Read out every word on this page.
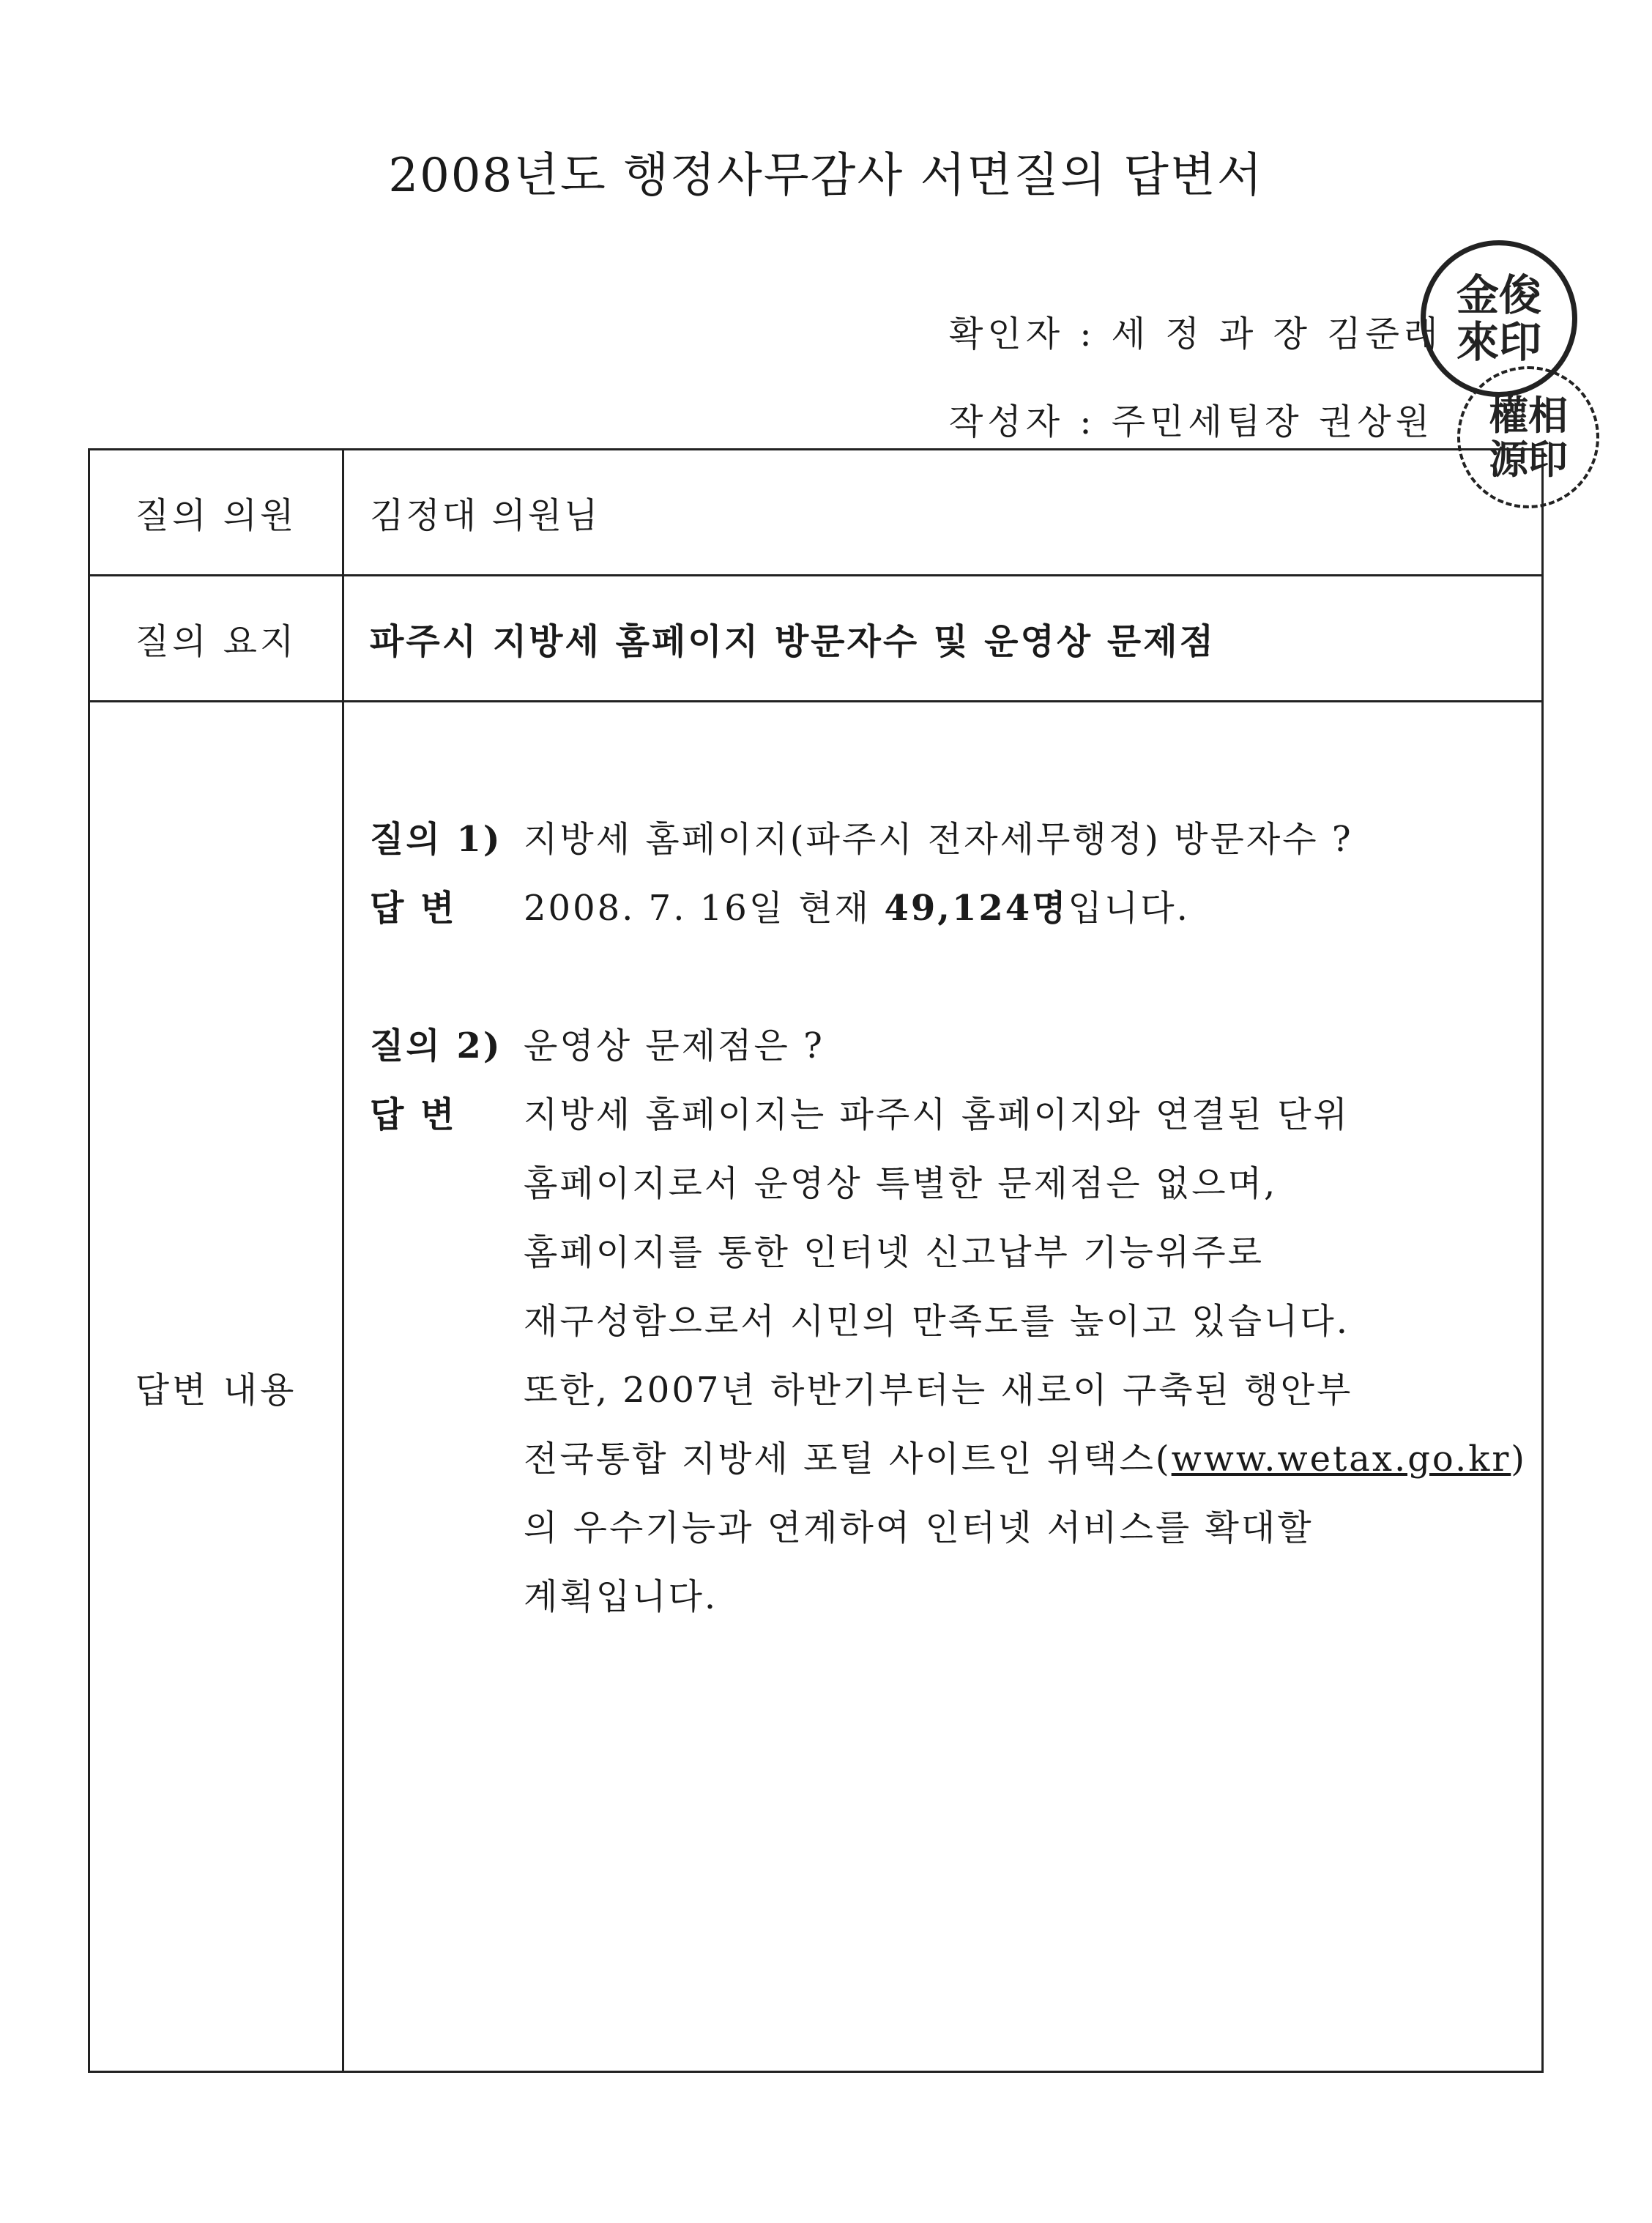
2008년도 행정사무감사 서면질의 답변서
확인자 : 세 정 과 장 김준래
작성자 : 주민세팀장 권상원
金俊來印
權相源印
질의 의원	김정대 의원님
질의 요지	파주시 지방세 홈페이지 방문자수 및 운영상 문제점
답변 내용
질의 1) 지방세 홈페이지(파주시 전자세무행정) 방문자수 ?
답 변 2008. 7. 16일 현재 49,124명입니다.
질의 2) 운영상 문제점은 ?
답 변 지방세 홈페이지는 파주시 홈페이지와 연결된 단위
홈페이지로서 운영상 특별한 문제점은 없으며,
홈페이지를 통한 인터넷 신고납부 기능위주로
재구성함으로서 시민의 만족도를 높이고 있습니다.
또한, 2007년 하반기부터는 새로이 구축된 행안부
전국통합 지방세 포털 사이트인 위택스(www.wetax.go.kr)
의 우수기능과 연계하여 인터넷 서비스를 확대할
계획입니다.
